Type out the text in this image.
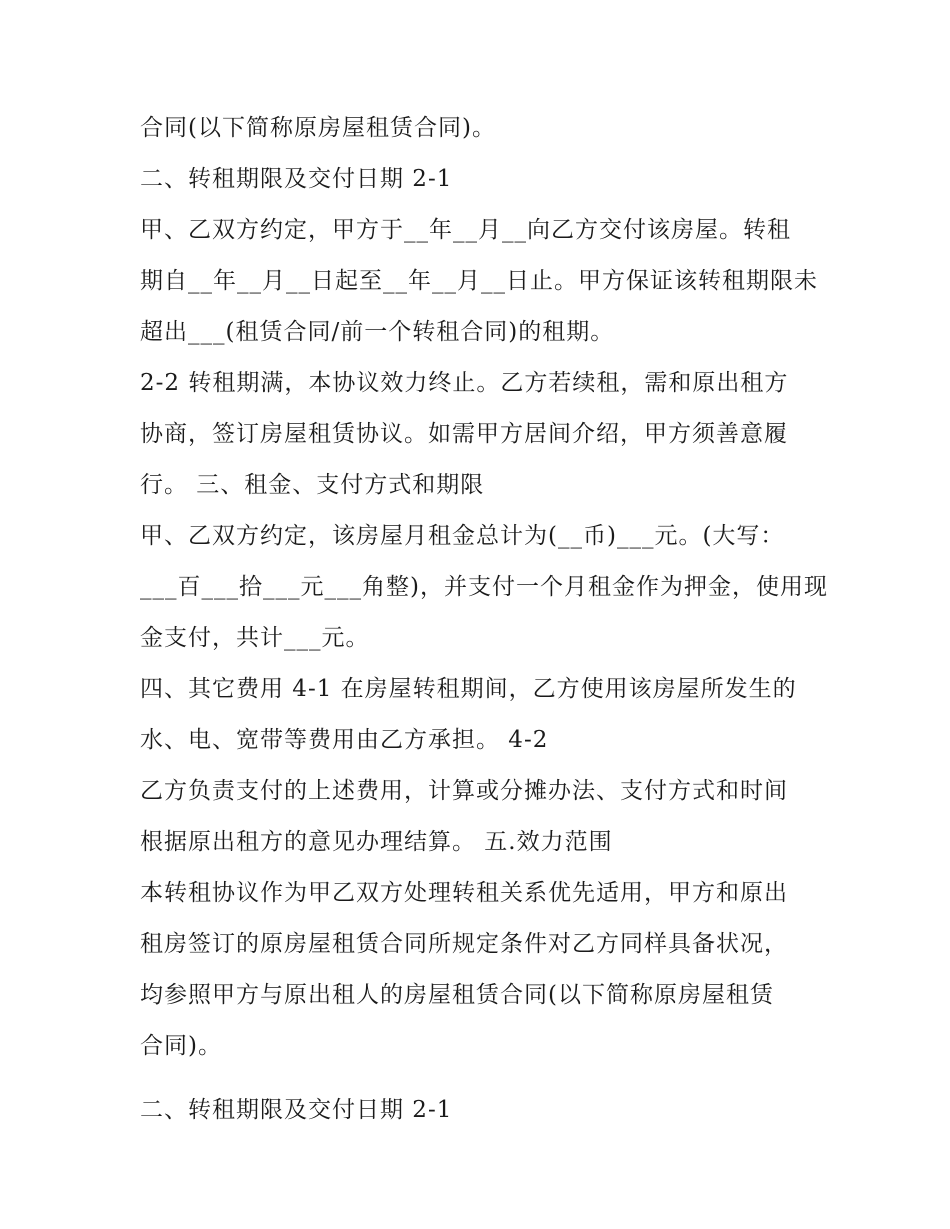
合同(以下简称原房屋租赁合同)。

二、转租期限及交付日期 2-1

甲、乙双方约定，甲方于__年__月__向乙方交付该房屋。转租

期自__年__月__日起至__年__月__日止。甲方保证该转租期限未

超出___(租赁合同/前一个转租合同)的租期。

2-2 转租期满，本协议效力终止。乙方若续租，需和原出租方

协商，签订房屋租赁协议。如需甲方居间介绍，甲方须善意履

行。 三、租金、支付方式和期限

甲、乙双方约定，该房屋月租金总计为(__币)___元。(大写：

___百___拾___元___角整)，并支付一个月租金作为押金，使用现

金支付，共计___元。

四、其它费用 4-1 在房屋转租期间，乙方使用该房屋所发生的

水、电、宽带等费用由乙方承担。 4-2

乙方负责支付的上述费用，计算或分摊办法、支付方式和时间

根据原出租方的意见办理结算。 五.效力范围

本转租协议作为甲乙双方处理转租关系优先适用，甲方和原出

租房签订的原房屋租赁合同所规定条件对乙方同样具备状况，

均参照甲方与原出租人的房屋租赁合同(以下简称原房屋租赁

合同)。

二、转租期限及交付日期 2-1
